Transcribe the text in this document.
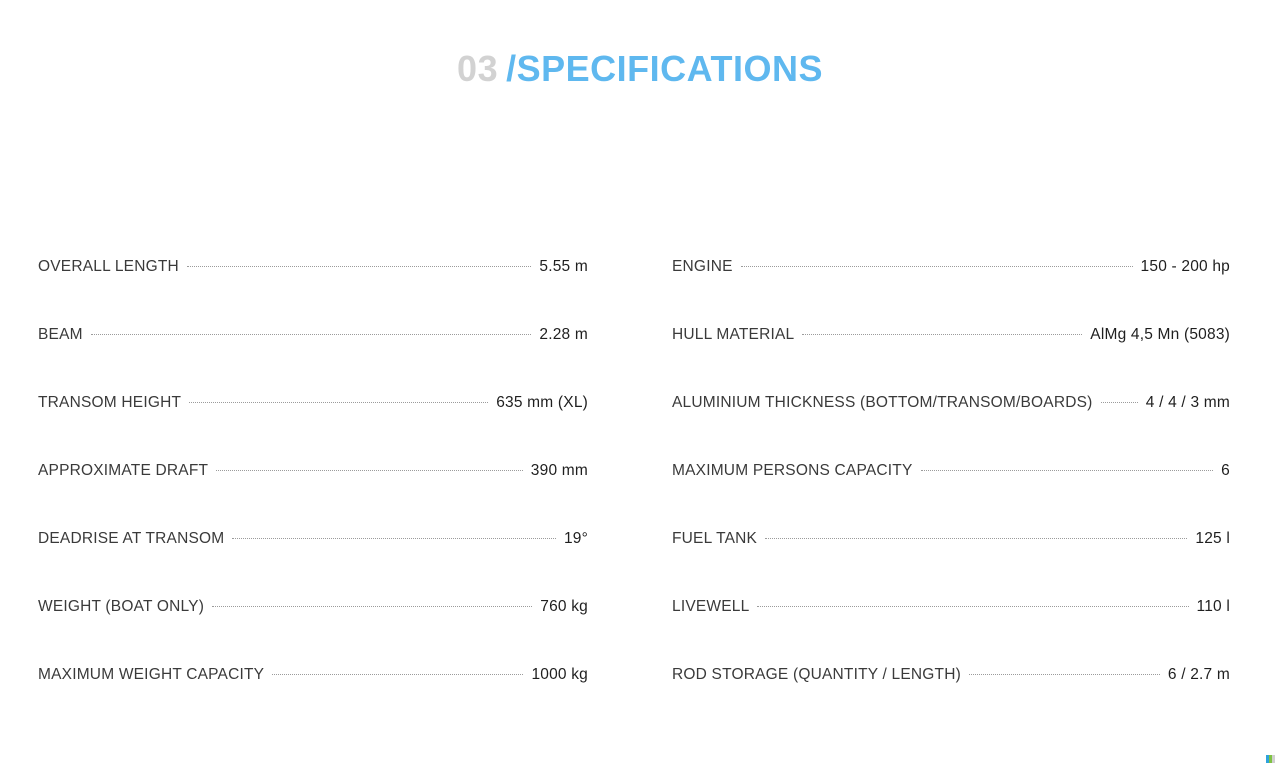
03 /SPECIFICATIONS
OVERALL LENGTH	5.55 m
BEAM	2.28 m
TRANSOM HEIGHT	635 mm (XL)
APPROXIMATE DRAFT	390 mm
DEADRISE AT TRANSOM	19°
WEIGHT (BOAT ONLY)	760 kg
MAXIMUM WEIGHT CAPACITY	1000 kg
ENGINE	150 - 200 hp
HULL MATERIAL	AlMg 4,5 Mn (5083)
ALUMINIUM THICKNESS (BOTTOM/TRANSOM/BOARDS)	4 / 4 / 3 mm
MAXIMUM PERSONS CAPACITY	6
FUEL TANK	125 l
LIVEWELL	110 l
ROD STORAGE (QUANTITY / LENGTH)	6 / 2.7 m
